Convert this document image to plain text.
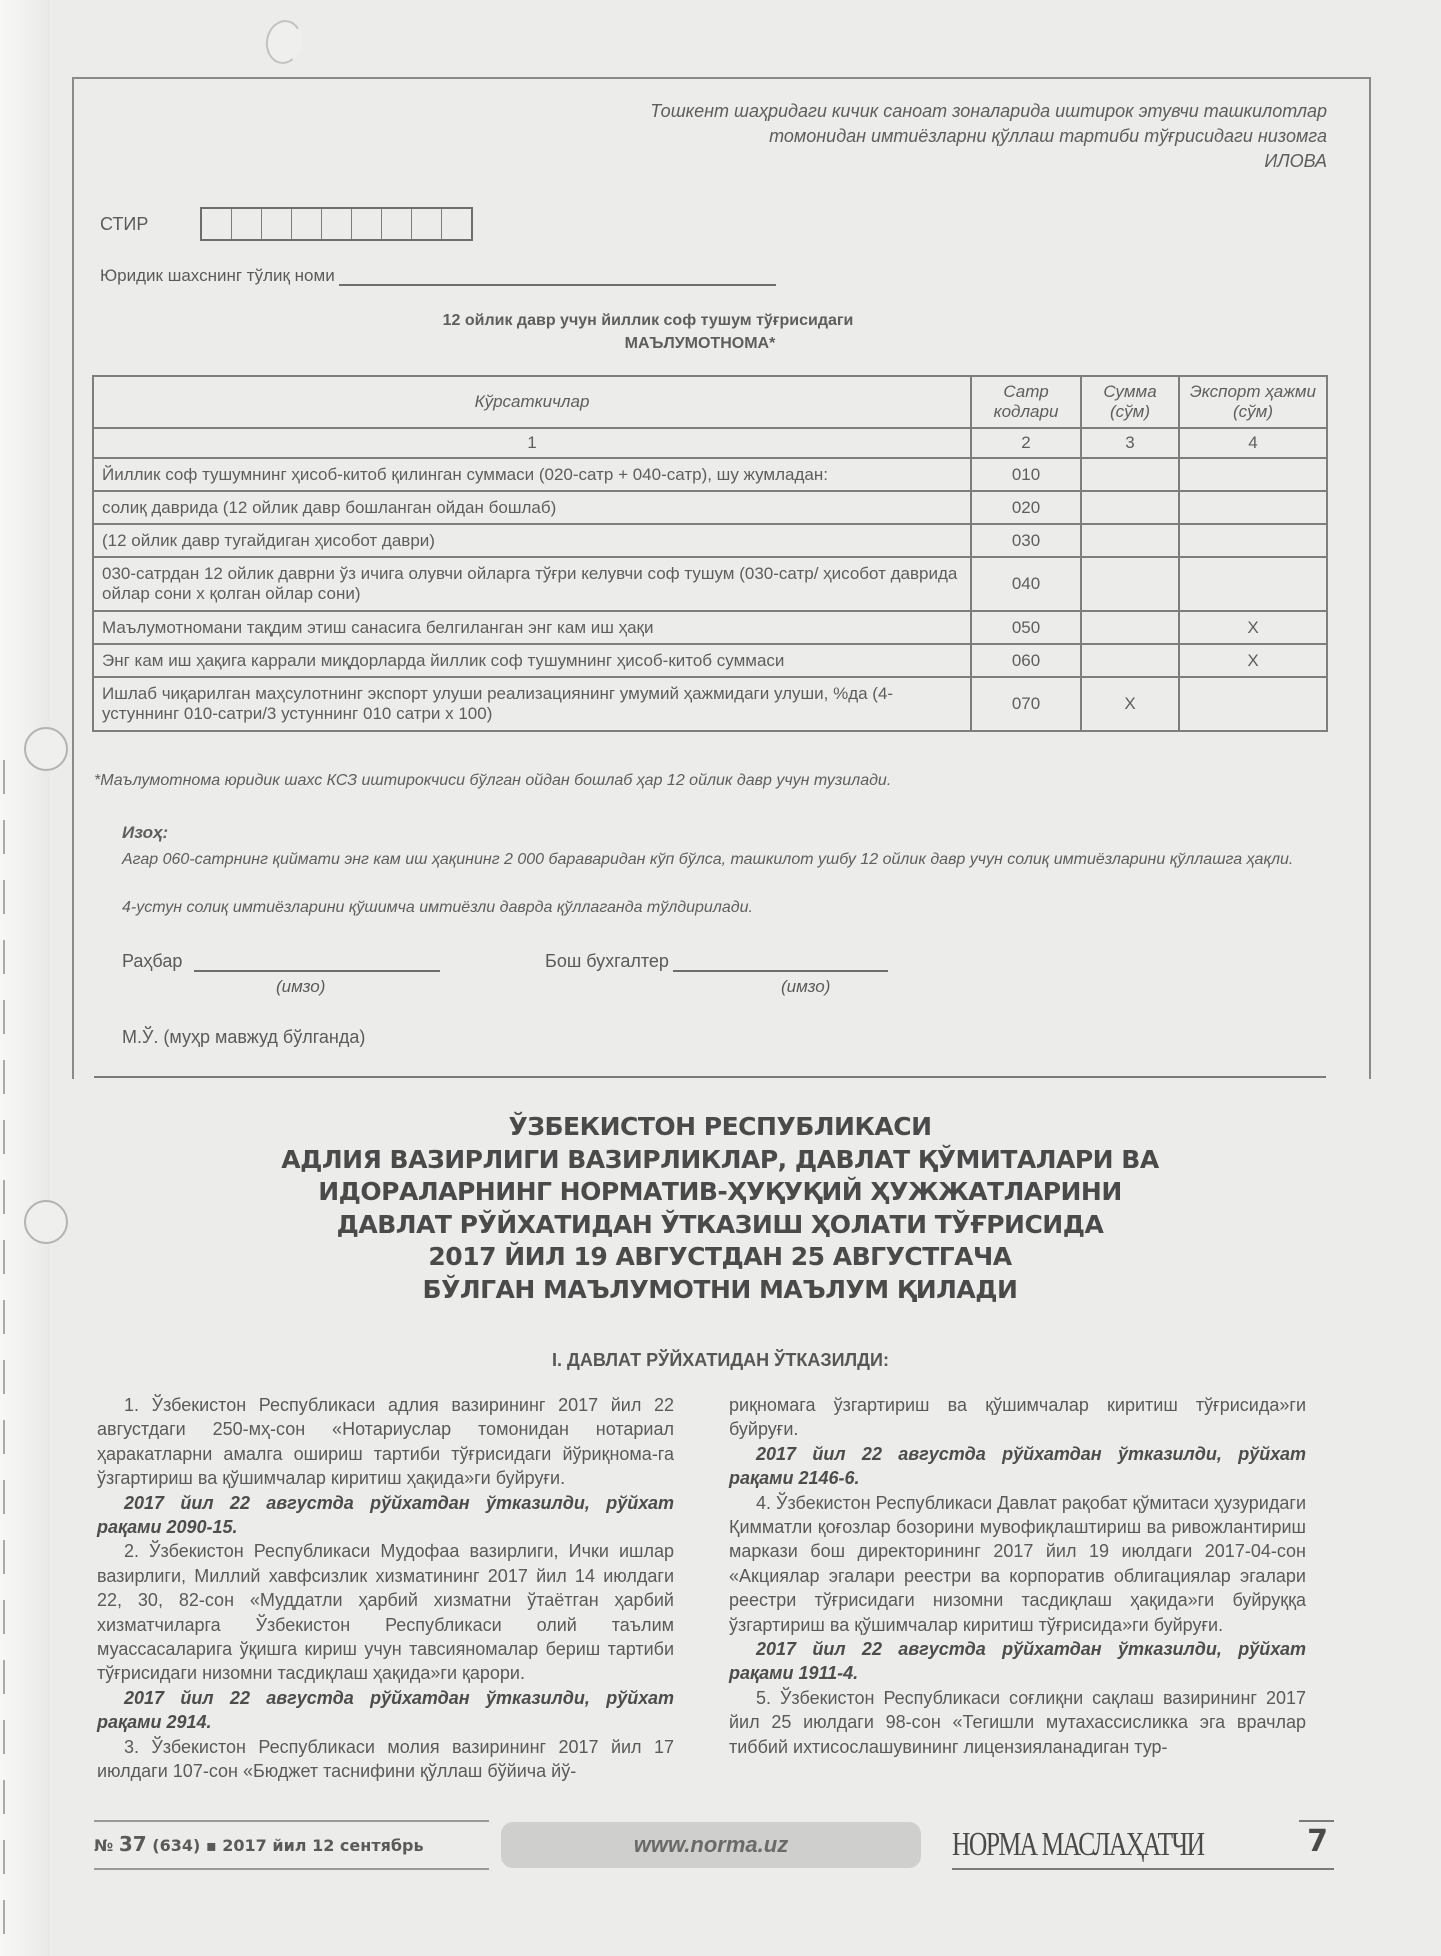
Тошкент шаҳридаги кичик саноат зоналарида иштирок этувчи ташкилотлар
томонидан имтиёзларни қўллаш тартиби тўғрисидаги низомга
ИЛОВА
СТИР
Юридик шахснинг тўлиқ номи
12 ойлик давр учун йиллик соф тушум тўғрисидаги
МАЪЛУМОТНОМА*
Кўрсаткичлар	Сатр кодлари	Сумма (сўм)	Экспорт ҳажми (сўм)
1	2	3	4
Йиллик соф тушумнинг ҳисоб-китоб қилинган суммаси (020-сатр + 040-сатр), шу жумладан:	010		
солиқ даврида (12 ойлик давр бошланган ойдан бошлаб)	020		
(12 ойлик давр тугайдиган ҳисобот даври)	030		
030-сатрдан 12 ойлик даврни ўз ичига олувчи ойларга тўғри келувчи соф тушум (030-сатр/ ҳисобот даврида ойлар сони х қолган ойлар сони)	040		
Маълумотномани тақдим этиш санасига белгиланган энг кам иш ҳақи	050		X
Энг кам иш ҳақига каррали миқдорларда йиллик соф тушумнинг ҳисоб-китоб суммаси	060		X
Ишлаб чиқарилган маҳсулотнинг экспорт улуши реализациянинг умумий ҳажмидаги улуши, %да (4-устуннинг 010-сатри/3 устуннинг 010 сатри х 100)	070	X	
*Маълумотнома юридик шахс КСЗ иштирокчиси бўлган ойдан бошлаб ҳар 12 ойлик давр учун тузилади.
Изоҳ:
Агар 060-сатрнинг қиймати энг кам иш ҳақининг 2 000 бараваридан кўп бўлса, ташкилот ушбу 12 ойлик давр учун солиқ имтиёзларини қўллашга ҳақли.
4-устун солиқ имтиёзларини қўшимча имтиёзли даврда қўллаганда тўлдирилади.
Раҳбар	Бош бухгалтер
(имзо)	(имзо)
М.Ў. (муҳр мавжуд бўлганда)
ЎЗБЕКИСТОН РЕСПУБЛИКАСИ
АДЛИЯ ВАЗИРЛИГИ ВАЗИРЛИКЛАР, ДАВЛАТ ҚЎМИТАЛАРИ ВА
ИДОРАЛАРНИНГ НОРМАТИВ-ҲУҚУҚИЙ ҲУЖЖАТЛАРИНИ
ДАВЛАТ РЎЙХАТИДАН ЎТКАЗИШ ҲОЛАТИ ТЎҒРИСИДА
2017 ЙИЛ 19 АВГУСТДАН 25 АВГУСТГАЧА
БЎЛГАН МАЪЛУМОТНИ МАЪЛУМ ҚИЛАДИ
I. ДАВЛАТ РЎЙХАТИДАН ЎТКАЗИЛДИ:

1. Ўзбекистон Республикаси адлия вазирининг 2017 йил 22 августдаги 250-мҳ-сон «Нотариуслар томонидан нотариал ҳаракатларни амалга ошириш тартиби тўғрисидаги йўриқнома-га ўзгартириш ва қўшимчалар киритиш ҳақида»ги буйруғи.

2017 йил 22 августда рўйхатдан ўтказилди, рўйхат рақами 2090-15.

2. Ўзбекистон Республикаси Мудофаа вазирлиги, Ички ишлар вазирлиги, Миллий хавфсизлик хизматининг 2017 йил 14 июлдаги 22, 30, 82-сон «Муддатли ҳарбий хизматни ўтаётган ҳарбий хизматчиларга Ўзбекистон Республикаси олий таълим муассасаларига ўқишга кириш учун тавсияномалар бериш тартиби тўғрисидаги низомни тасдиқлаш ҳақида»ги қарори.

2017 йил 22 августда рўйхатдан ўтказилди, рўйхат рақами 2914.

3. Ўзбекистон Республикаси молия вазирининг 2017 йил 17 июлдаги 107-сон «Бюджет таснифини қўллаш бўйича йў-

риқномага ўзгартириш ва қўшимчалар киритиш тўғрисида»ги буйруғи.

2017 йил 22 августда рўйхатдан ўтказилди, рўйхат рақами 2146-6.

4. Ўзбекистон Республикаси Давлат рақобат қўмитаси ҳузуридаги Қимматли қоғозлар бозорини мувофиқлаштириш ва ривожлантириш маркази бош директорининг 2017 йил 19 июлдаги 2017-04-сон «Акциялар эгалари реестри ва корпоратив облигациялар эгалари реестри тўғрисидаги низомни тасдиқлаш ҳақида»ги буйруққа ўзгартириш ва қўшимчалар киритиш тўғрисида»ги буйруғи.

2017 йил 22 августда рўйхатдан ўтказилди, рўйхат рақами 1911-4.

5. Ўзбекистон Республикаси соғлиқни сақлаш вазирининг 2017 йил 25 июлдаги 98-сон «Тегишли мутахассисликка эга врачлар тиббий ихтисослашувининг лицензияланадиган тур-

№ 37 (634) ▪ 2017 йил 12 сентябрь	www.norma.uz	НОРМА МАСЛАҲАТЧИ	7
